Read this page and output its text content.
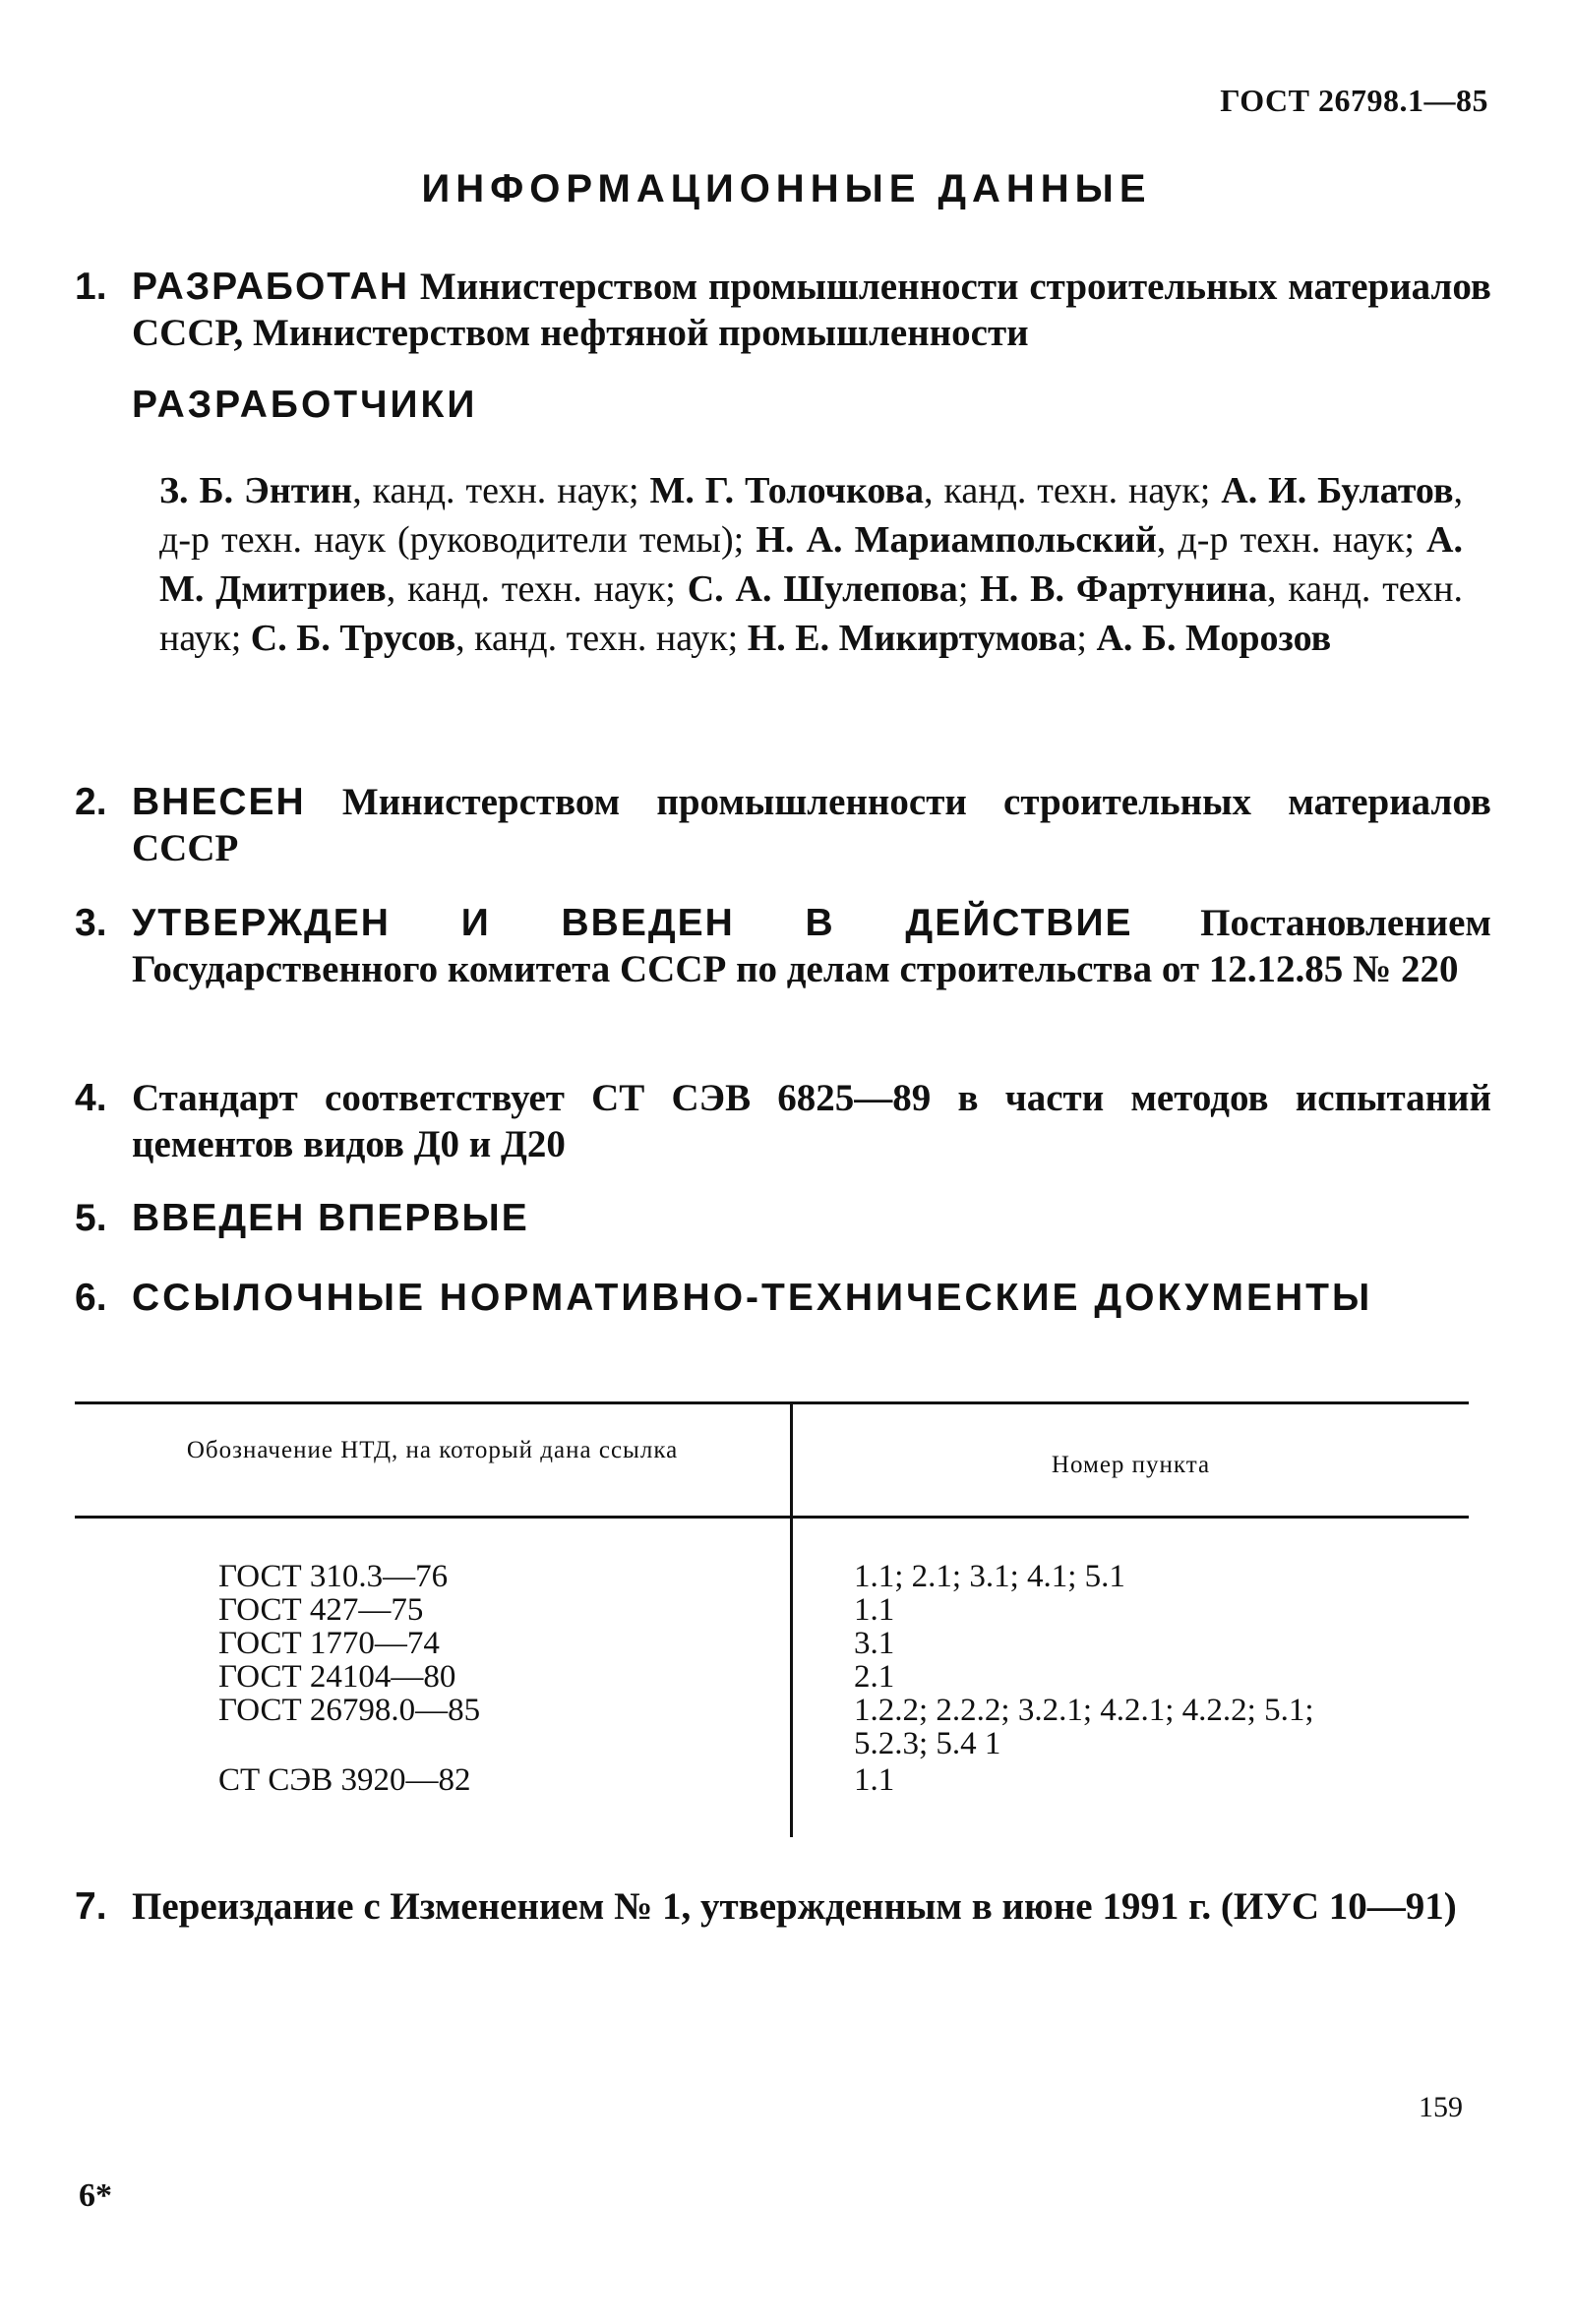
ГОСТ 26798.1—85
ИНФОРМАЦИОННЫЕ ДАННЫЕ
1. РАЗРАБОТАН Министерством промышленности строительных материалов СССР, Министерством нефтяной промышленности
РАЗРАБОТЧИКИ
З. Б. Энтин, канд. техн. наук; М. Г. Толочкова, канд. техн. наук; А. И. Булатов, д-р техн. наук (руководители темы); Н. А. Мариампольский, д-р техн. наук; А. М. Дмитриев, канд. техн. наук; С. А. Шулепова; Н. В. Фартунина, канд. техн. наук; С. Б. Трусов, канд. техн. наук; Н. Е. Микиртумова; А. Б. Морозов
2. ВНЕСЕН Министерством промышленности строительных материалов СССР
3. УТВЕРЖДЕН И ВВЕДЕН В ДЕЙСТВИЕ Постановлением Государственного комитета СССР по делам строительства от 12.12.85 № 220
4. Стандарт соответствует СТ СЭВ 6825—89 в части методов испытаний цементов видов Д0 и Д20
5. ВВЕДЕН ВПЕРВЫЕ
6. ССЫЛОЧНЫЕ НОРМАТИВНО-ТЕХНИЧЕСКИЕ ДОКУМЕНТЫ
Обозначение НТД, на который дана ссылка
Номер пункта
ГОСТ 310.3—76	1.1; 2.1; 3.1; 4.1; 5.1
ГОСТ 427—75	1.1
ГОСТ 1770—74	3.1
ГОСТ 24104—80	2.1
ГОСТ 26798.0—85	1.2.2; 2.2.2; 3.2.1; 4.2.1; 4.2.2; 5.1;
5.2.3; 5.4 1
СТ СЭВ 3920—82	1.1
7. Переиздание с Изменением № 1, утвержденным в июне 1991 г. (ИУС 10—91)
159
6*
